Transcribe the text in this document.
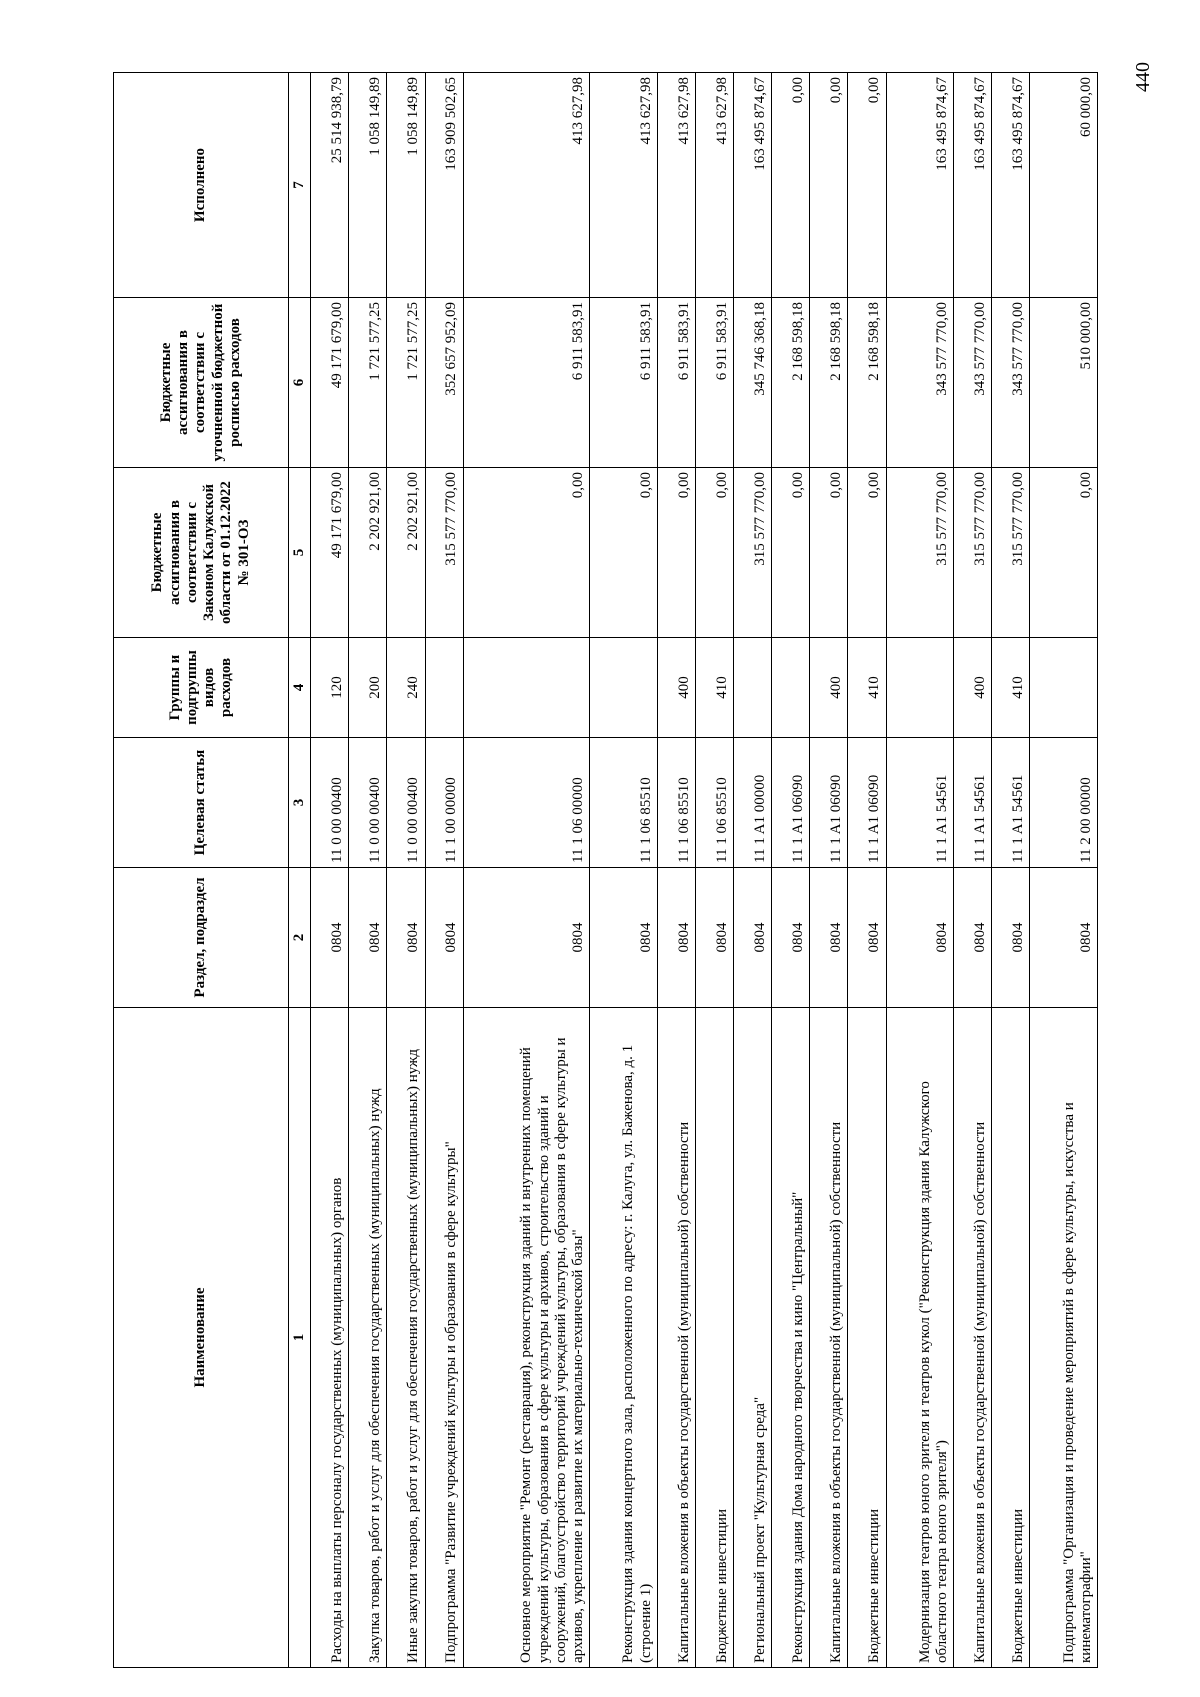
440
Наименование	Раздел, подраздел	Целевая статья	Группы и подгруппы видов расходов	Бюджетные ассигнования в соответствии с Законом Калужской области от 01.12.2022 № 301-ОЗ	Бюджетные ассигнования в соответствии с уточненной бюджетной росписью расходов	Исполнено
1	2	3	4	5	6	7
Расходы на выплаты персоналу государственных (муниципальных) органов	0804	11 0 00 00400	120	49 171 679,00	49 171 679,00	25 514 938,79
Закупка товаров, работ и услуг для обеспечения государственных (муниципальных) нужд	0804	11 0 00 00400	200	2 202 921,00	1 721 577,25	1 058 149,89
Иные закупки товаров, работ и услуг для обеспечения государственных (муниципальных) нужд	0804	11 0 00 00400	240	2 202 921,00	1 721 577,25	1 058 149,89
Подпрограмма "Развитие учреждений культуры и образования в сфере культуры"	0804	11 1 00 00000		315 577 770,00	352 657 952,09	163 909 502,65
Основное мероприятие "Ремонт (реставрация), реконструкция зданий и внутренних помещений учреждений культуры, образования в сфере культуры и архивов, строительство зданий и сооружений, благоустройство территорий учреждений культуры, образования в сфере культуры и архивов, укрепление и развитие их материально-технической базы"	0804	11 1 06 00000		0,00	6 911 583,91	413 627,98
Реконструкция здания концертного зала, расположенного по адресу: г. Калуга, ул. Баженова, д. 1 (строение 1)	0804	11 1 06 85510		0,00	6 911 583,91	413 627,98
Капитальные вложения в объекты государственной (муниципальной) собственности	0804	11 1 06 85510	400	0,00	6 911 583,91	413 627,98
Бюджетные инвестиции	0804	11 1 06 85510	410	0,00	6 911 583,91	413 627,98
Региональный проект "Культурная среда"	0804	11 1 A1 00000		315 577 770,00	345 746 368,18	163 495 874,67
Реконструкция здания Дома народного творчества и кино "Центральный"	0804	11 1 A1 06090		0,00	2 168 598,18	0,00
Капитальные вложения в объекты государственной (муниципальной) собственности	0804	11 1 A1 06090	400	0,00	2 168 598,18	0,00
Бюджетные инвестиции	0804	11 1 A1 06090	410	0,00	2 168 598,18	0,00
Модернизация театров юного зрителя и театров кукол ("Реконструкция здания Калужского областного театра юного зрителя")	0804	11 1 A1 54561		315 577 770,00	343 577 770,00	163 495 874,67
Капитальные вложения в объекты государственной (муниципальной) собственности	0804	11 1 A1 54561	400	315 577 770,00	343 577 770,00	163 495 874,67
Бюджетные инвестиции	0804	11 1 A1 54561	410	315 577 770,00	343 577 770,00	163 495 874,67
Подпрограмма "Организация и проведение мероприятий в сфере культуры, искусства и кинематографии"	0804	11 2 00 00000		0,00	510 000,00	60 000,00
